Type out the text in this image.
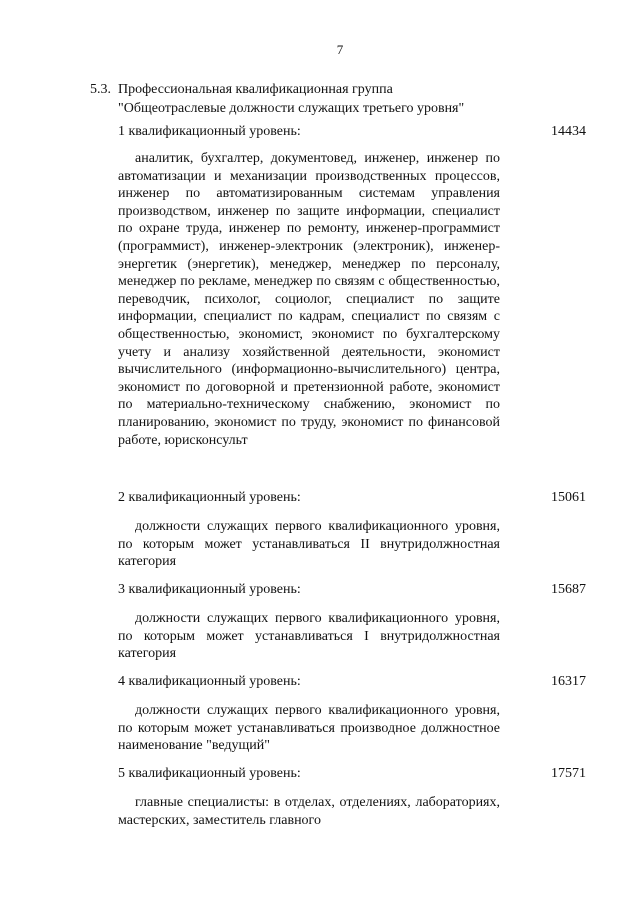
7
5.3. Профессиональная квалификационная группа
"Общеотраслевые должности служащих третьего уровня"
1 квалификационный уровень:	14434

аналитик, бухгалтер, документовед, инженер, инженер по автоматизации и механизации производственных процессов, инженер по автоматизированным системам управления производством, инженер по защите информации, специалист по охране труда, инженер по ремонту, инженер-программист (программист), инженер-электроник (электроник), инженер-энергетик (энергетик), менеджер, менеджер по персоналу, менеджер по рекламе, менеджер по связям с общественностью, переводчик, психолог, социолог, специалист по защите информации, специалист по кадрам, специалист по связям с общественностью, экономист, экономист по бухгалтерскому учету и анализу хозяйственной деятельности, экономист вычислительного (информационно-вычислительного) центра, экономист по договорной и претензионной работе, экономист по материально-техническому снабжению, экономист по планированию, экономист по труду, экономист по финансовой работе, юрисконсульт

2 квалификационный уровень:	15061

должности служащих первого квалификационного уровня, по которым может устанавливаться II внутридолжностная категория

3 квалификационный уровень:	15687

должности служащих первого квалификационного уровня, по которым может устанавливаться I внутридолжностная категория

4 квалификационный уровень:	16317

должности служащих первого квалификационного уровня, по которым может устанавливаться производное должностное наименование "ведущий"

5 квалификационный уровень:	17571

главные специалисты: в отделах, отделениях, лабораториях, мастерских, заместитель главного
